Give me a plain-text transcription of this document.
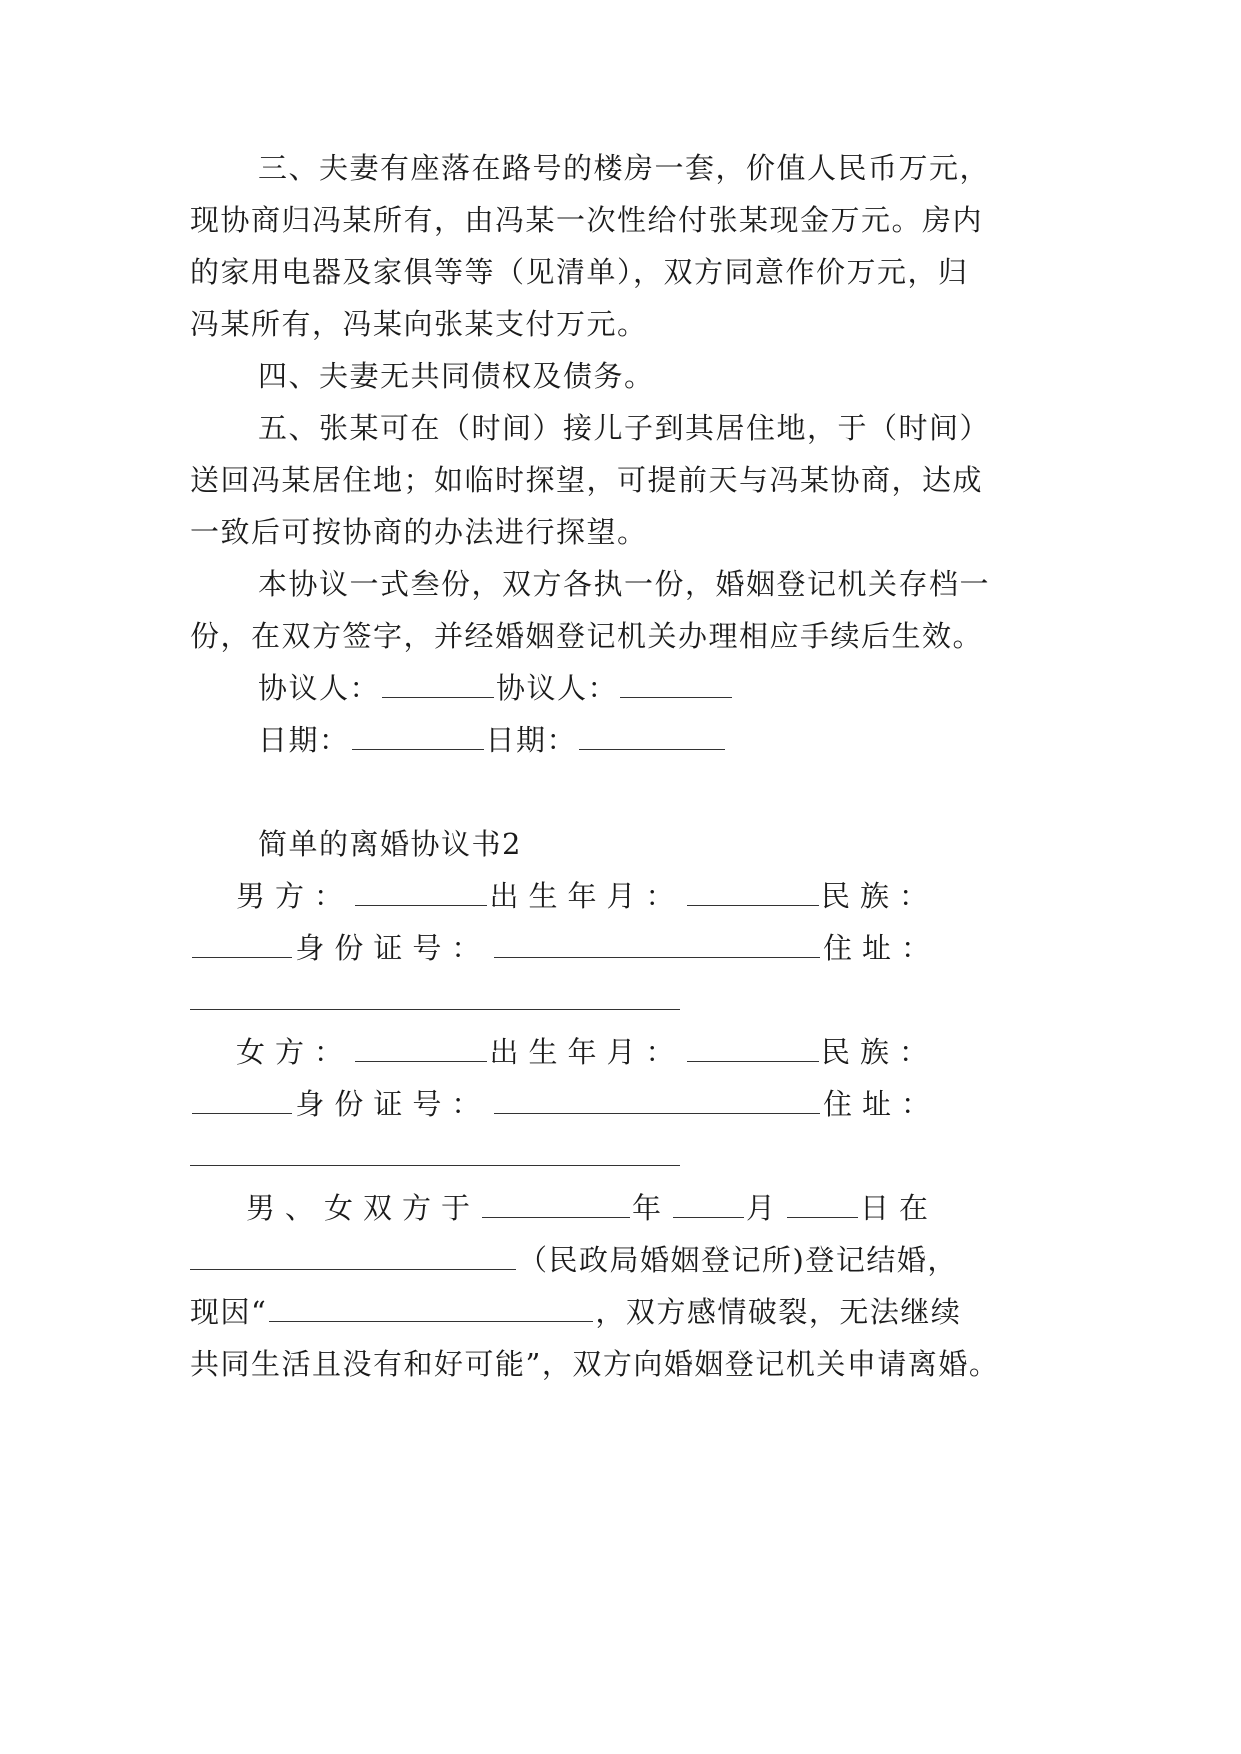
三、夫妻有座落在路号的楼房一套，价值人民币万元，
现协商归冯某所有，由冯某一次性给付张某现金万元。房内
的家用电器及家俱等等（见清单），双方同意作价万元，归
冯某所有，冯某向张某支付万元。
四、夫妻无共同债权及债务。
五、张某可在（时间）接儿子到其居住地，于（时间）
送回冯某居住地；如临时探望，可提前天与冯某协商，达成
一致后可按协商的办法进行探望。
本协议一式叁份，双方各执一份，婚姻登记机关存档一
份，在双方签字，并经婚姻登记机关办理相应手续后生效。
协议人：	协议人：
日期：	日期：
简单的离婚协议书2
男方：	出生年月：	民族：
身份证号：	住址：
女方：	出生年月：	民族：
身份证号：	住址：
男、女双方于	年	月	日在
（民政局婚姻登记所)登记结婚，
现因“	，双方感情破裂，无法继续
共同生活且没有和好可能”，双方向婚姻登记机关申请离婚。
